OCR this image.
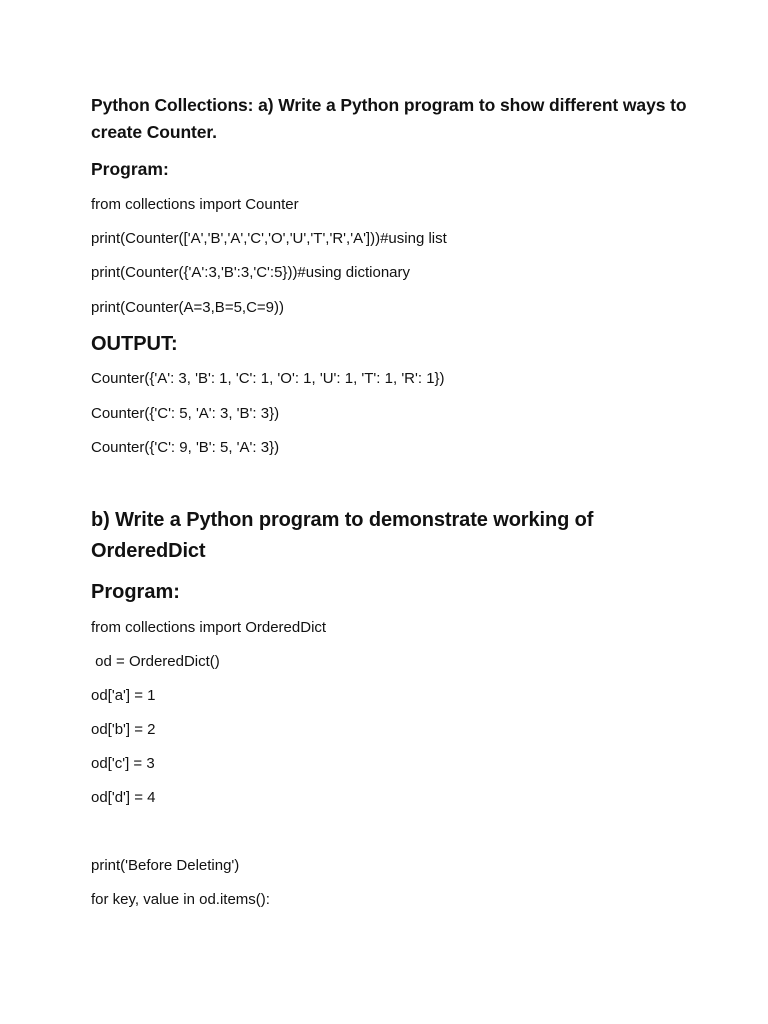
Python Collections: a) Write a Python program to show different ways to create Counter.

Program:

from collections import Counter

print(Counter(['A','B','A','C','O','U','T','R','A']))#using list

print(Counter({'A':3,'B':3,'C':5}))#using dictionary

print(Counter(A=3,B=5,C=9))

OUTPUT:

Counter({'A': 3, 'B': 1, 'C': 1, 'O': 1, 'U': 1, 'T': 1, 'R': 1})

Counter({'C': 5, 'A': 3, 'B': 3})

Counter({'C': 9, 'B': 5, 'A': 3})

b) Write a Python program to demonstrate working of OrderedDict

Program:

from collections import OrderedDict

od = OrderedDict()

od['a'] = 1

od['b'] = 2

od['c'] = 3

od['d'] = 4

print('Before Deleting')

for key, value in od.items():
